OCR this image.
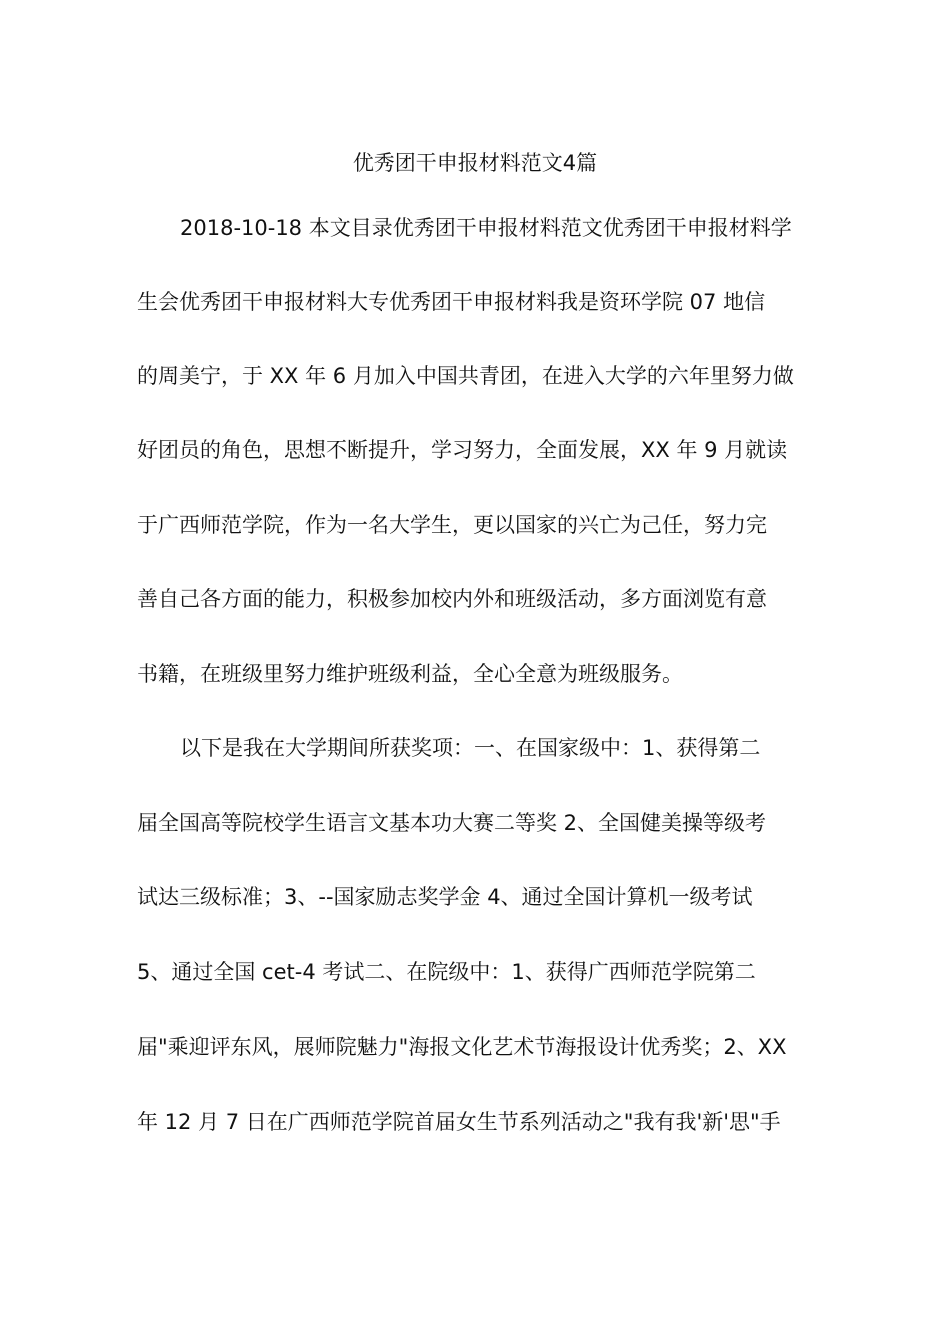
优秀团干申报材料范文4篇
2018-10-18 本文目录优秀团干申报材料范文优秀团干申报材料学
生会优秀团干申报材料大专优秀团干申报材料我是资环学院 07 地信
的周美宁，于 XX 年 6 月加入中国共青团，在进入大学的六年里努力做
好团员的角色，思想不断提升，学习努力，全面发展，XX 年 9 月就读
于广西师范学院，作为一名大学生，更以国家的兴亡为己任，努力完
善自己各方面的能力，积极参加校内外和班级活动，多方面浏览有意
书籍，在班级里努力维护班级利益，全心全意为班级服务。
以下是我在大学期间所获奖项：一、在国家级中：1、获得第二
届全国高等院校学生语言文基本功大赛二等奖 2、全国健美操等级考
试达三级标准；3、--国家励志奖学金 4、通过全国计算机一级考试
5、通过全国 cet-4 考试二、在院级中：1、获得广西师范学院第二
届"乘迎评东风，展师院魅力"海报文化艺术节海报设计优秀奖；2、XX
年 12 月 7 日在广西师范学院首届女生节系列活动之"我有我'新'思"手
